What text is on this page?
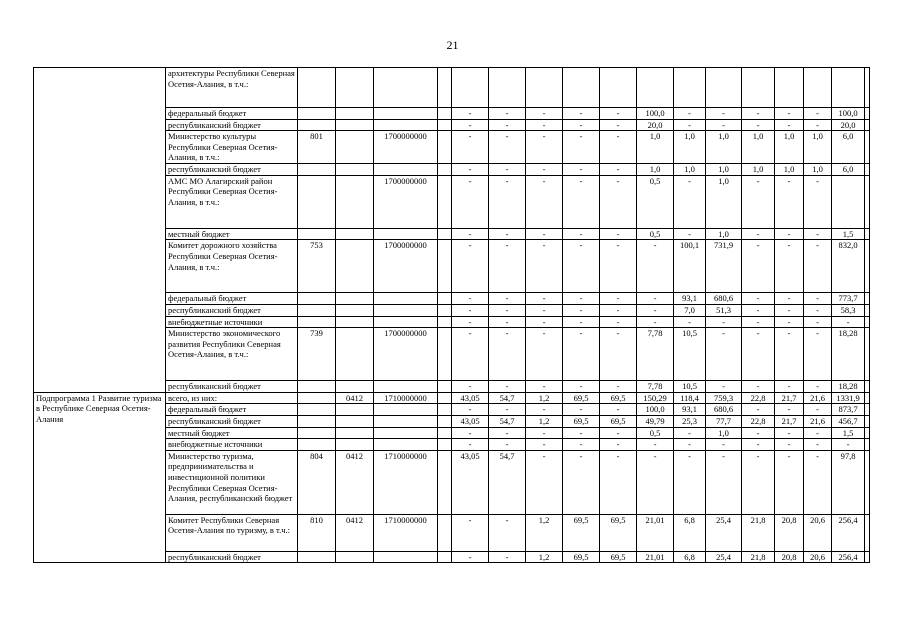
21
	архитектуры Республики Северная Осетия-Алания, в т.ч.:																	
	федеральный бюджет					-	-	-	-	-	100,0	-	-	-	-	-	100,0	
	республиканский бюджет					-	-	-	-	-	20,0	-	-	-	-	-	20,0	
	Министерство культуры Республики Северная Осетия-Алания, в т.ч.:	801		1700000000		-	-	-	-	-	1,0	1,0	1,0	1,0	1,0	1,0	6,0	
	республиканский бюджет					-	-	-	-	-	1,0	1,0	1,0	1,0	1,0	1,0	6,0	
	АМС МО Алагирский район Республики Северная Осетия-Алания, в т.ч.:			1700000000		-	-	-	-	-	0,5	-	1,0	-	-	-		
	местный бюджет					-	-	-	-	-	0,5	-	1,0	-	-	-	1,5	
	Комитет дорожного хозяйства Республики Северная Осетия-Алания, в т.ч.:	753		1700000000		-	-	-	-	-	-	100,1	731,9	-	-	-	832,0	
	федеральный бюджет					-	-	-	-	-	-	93,1	680,6	-	-	-	773,7	
	республиканский бюджет					-	-	-	-	-	-	7,0	51,3	-	-	-	58,3	
	внебюджетные источники					-	-	-	-	-	-	-	-	-	-	-	-	
	Министерство экономического развития Республики Северная Осетия-Алания, в т.ч.:	739		1700000000		-	-	-	-	-	7,78	10,5	-	-	-	-	18,28	
	республиканский бюджет					-	-	-	-	-	7,78	10,5	-	-	-	-	18,28	
Подпрограмма 1 Развитие туризма в Республике Северная Осетия-Алания	всего, из них:		0412	1710000000		43,05	54,7	1,2	69,5	69,5	150,29	118,4	759,3	22,8	21,7	21,6	1331,9	
	федеральный бюджет					-	-	-	-	-	100,0	93,1	680,6	-	-	-	873,7	
	республиканский бюджет					43,05	54,7	1,2	69,5	69,5	49,79	25,3	77,7	22,8	21,7	21,6	456,7	
	местный бюджет					-	-	-	-	-	0,5	-	1,0	-	-	-	1,5	
	внебюджетные источники					-	-	-	-	-	-	-	-	-	-	-	-	
	Министерство туризма, предпринимательства и инвестиционной политики Республики Северная Осетия-Алания, республиканский бюджет	804	0412	1710000000		43,05	54,7	-	-	-	-	-	-	-	-	-	97,8	
	Комитет Республики Северная Осетия-Алания по туризму, в т.ч.:	810	0412	1710000000		-	-	1,2	69,5	69,5	21,01	6,8	25,4	21,8	20,8	20,6	256,4	
	республиканский бюджет					-	-	1,2	69,5	69,5	21,01	6,8	25,4	21,8	20,8	20,6	256,4	
